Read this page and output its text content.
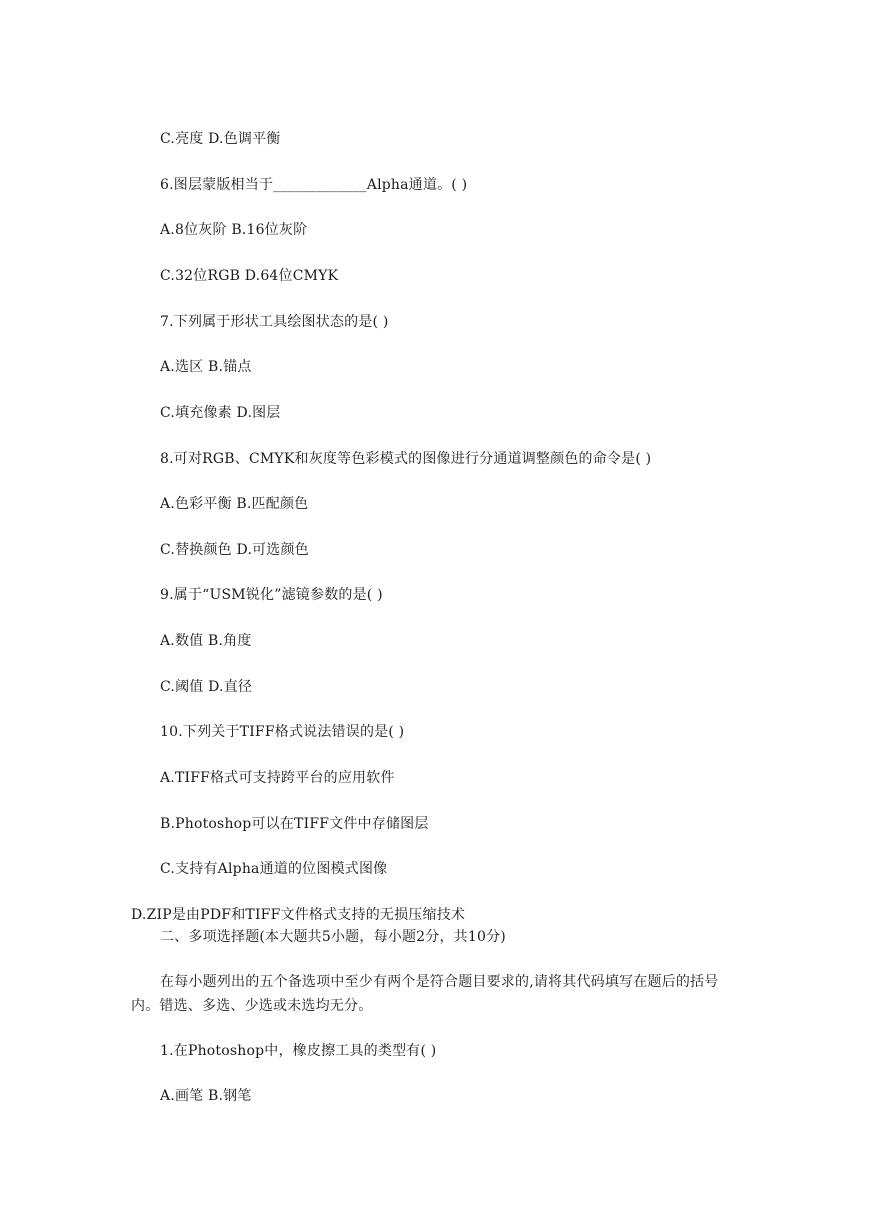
C.亮度 D.色调平衡
6.图层蒙版相当于_____________Alpha通道。( )
A.8位灰阶 B.16位灰阶
C.32位RGB D.64位CMYK
7.下列属于形状工具绘图状态的是( )
A.选区 B.锚点
C.填充像素 D.图层
8.可对RGB、CMYK和灰度等色彩模式的图像进行分通道调整颜色的命令是( )
A.色彩平衡 B.匹配颜色
C.替换颜色 D.可选颜色
9.属于“USM锐化”滤镜参数的是( )
A.数值 B.角度
C.阈值 D.直径
10.下列关于TIFF格式说法错误的是( )
A.TIFF格式可支持跨平台的应用软件
B.Photoshop可以在TIFF文件中存储图层
C.支持有Alpha通道的位图模式图像
D.ZIP是由PDF和TIFF文件格式支持的无损压缩技术
二、多项选择题(本大题共5小题，每小题2分，共10分)
在每小题列出的五个备选项中至少有两个是符合题目要求的,请将其代码填写在题后的括号内。错选、多选、少选或未选均无分。
1.在Photoshop中，橡皮擦工具的类型有( )
A.画笔 B.钢笔
